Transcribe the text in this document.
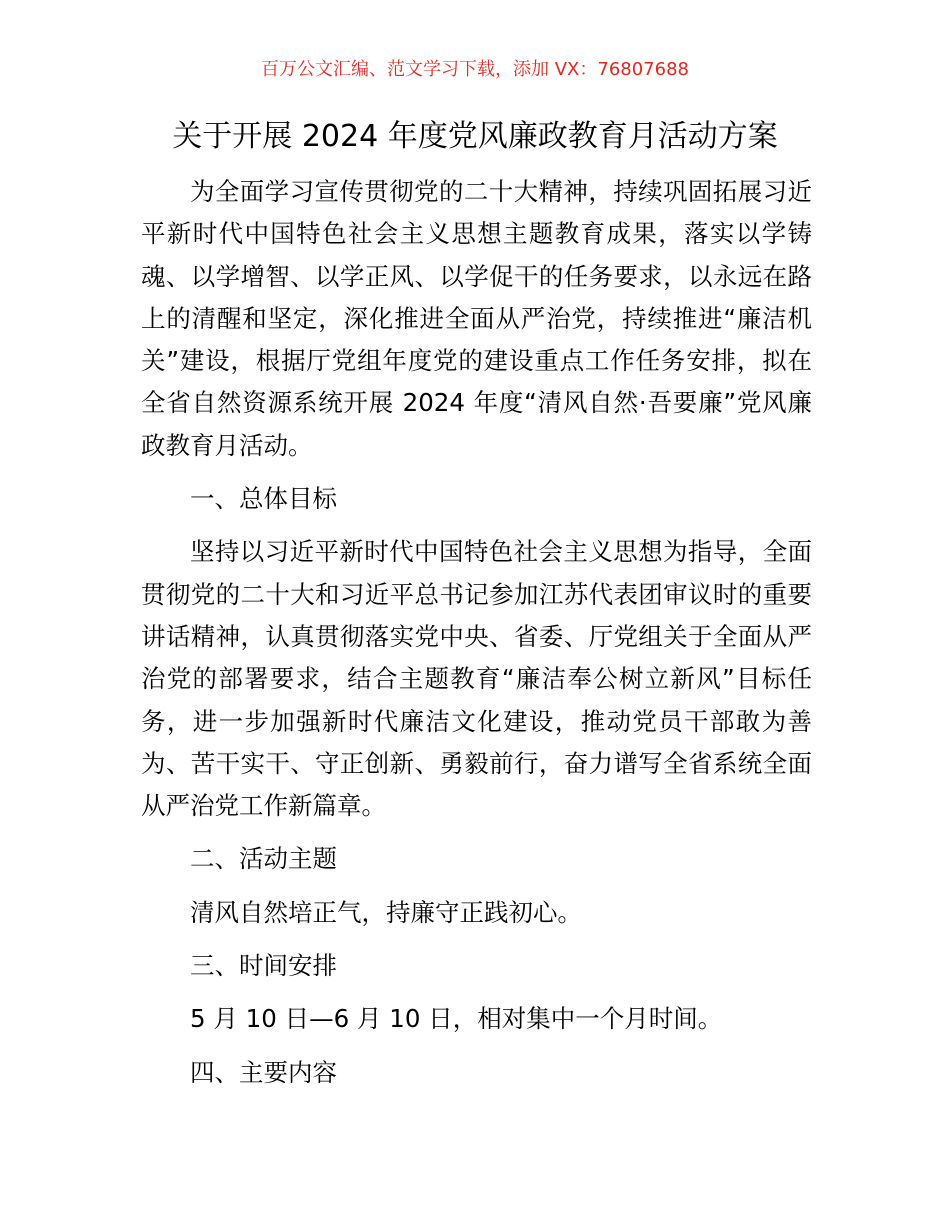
百万公文汇编、范文学习下载，添加 VX：76807688
关于开展 2024 年度党风廉政教育月活动方案

为全面学习宣传贯彻党的二十大精神，持续巩固拓展习近平新时代中国特色社会主义思想主题教育成果，落实以学铸魂、以学增智、以学正风、以学促干的任务要求，以永远在路上的清醒和坚定，深化推进全面从严治党，持续推进“廉洁机关”建设，根据厅党组年度党的建设重点工作任务安排，拟在全省自然资源系统开展 2024 年度“清风自然·吾要廉”党风廉政教育月活动。

一、总体目标

坚持以习近平新时代中国特色社会主义思想为指导，全面贯彻党的二十大和习近平总书记参加江苏代表团审议时的重要讲话精神，认真贯彻落实党中央、省委、厅党组关于全面从严治党的部署要求，结合主题教育“廉洁奉公树立新风”目标任务，进一步加强新时代廉洁文化建设，推动党员干部敢为善为、苦干实干、守正创新、勇毅前行，奋力谱写全省系统全面从严治党工作新篇章。

二、活动主题

清风自然培正气，持廉守正践初心。

三、时间安排

5 月 10 日—6 月 10 日，相对集中一个月时间。

四、主要内容
